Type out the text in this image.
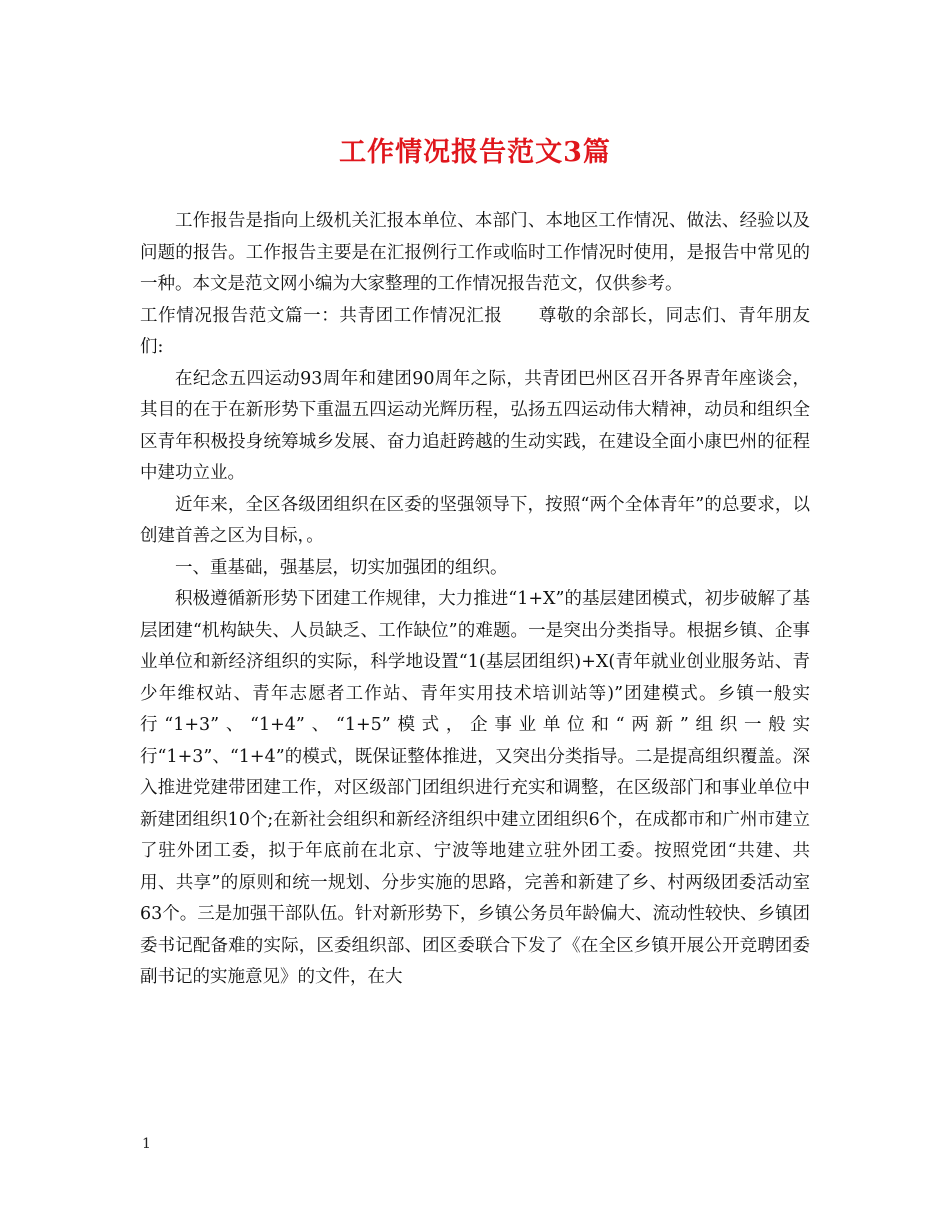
工作情况报告范文3篇

工作报告是指向上级机关汇报本单位、本部门、本地区工作情况、做法、经验以及问题的报告。工作报告主要是在汇报例行工作或临时工作情况时使用，是报告中常见的一种。本文是范文网小编为大家整理的工作情况报告范文，仅供参考。

工作情况报告范文篇一：共青团工作情况汇报　　尊敬的余部长，同志们、青年朋友们:

在纪念五四运动93周年和建团90周年之际，共青团巴州区召开各界青年座谈会，其目的在于在新形势下重温五四运动光辉历程，弘扬五四运动伟大精神，动员和组织全区青年积极投身统筹城乡发展、奋力追赶跨越的生动实践，在建设全面小康巴州的征程中建功立业。

近年来，全区各级团组织在区委的坚强领导下，按照“两个全体青年”的总要求，以创建首善之区为目标，。

一、重基础，强基层，切实加强团的组织。

积极遵循新形势下团建工作规律，大力推进“1+X”的基层建团模式，初步破解了基层团建“机构缺失、人员缺乏、工作缺位”的难题。一是突出分类指导。根据乡镇、企事业单位和新经济组织的实际，科学地设置“1(基层团组织)+X(青年就业创业服务站、青少年维权站、青年志愿者工作站、青年实用技术培训站等)”团建模式。乡镇一般实行“1+3”、“1+4”、“1+5”模式，企事业单位和“两新”组织一般实行“1+3”、“1+4”的模式，既保证整体推进，又突出分类指导。二是提高组织覆盖。深入推进党建带团建工作，对区级部门团组织进行充实和调整，在区级部门和事业单位中新建团组织10个;在新社会组织和新经济组织中建立团组织6个，在成都市和广州市建立了驻外团工委，拟于年底前在北京、宁波等地建立驻外团工委。按照党团“共建、共用、共享”的原则和统一规划、分步实施的思路，完善和新建了乡、村两级团委活动室63个。三是加强干部队伍。针对新形势下，乡镇公务员年龄偏大、流动性较快、乡镇团委书记配备难的实际，区委组织部、团区委联合下发了《在全区乡镇开展公开竞聘团委副书记的实施意见》的文件，在大

1
